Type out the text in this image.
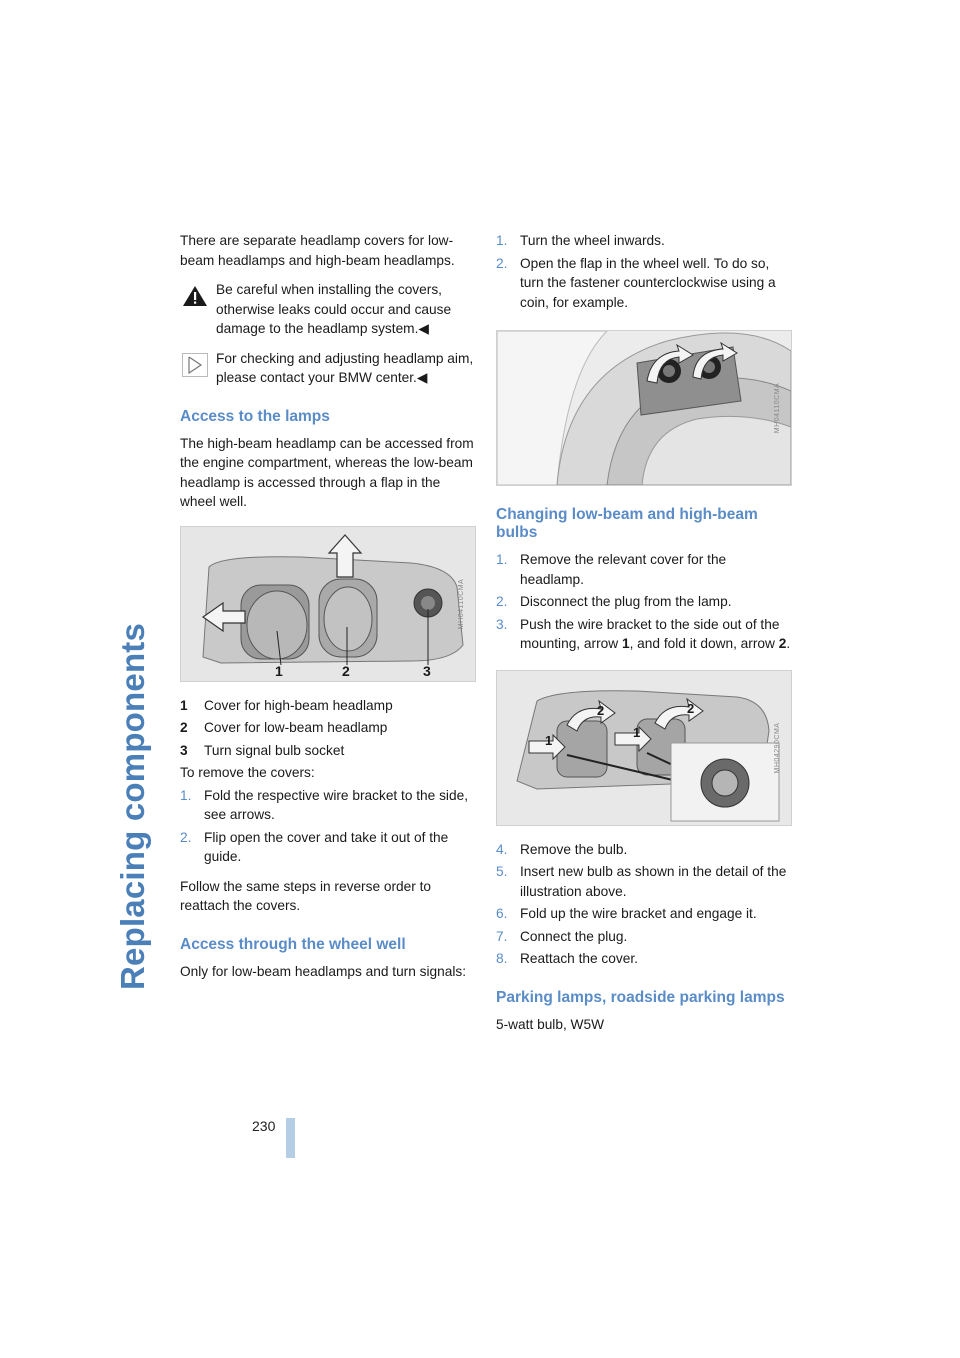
Replacing components
230

There are separate headlamp covers for low-beam headlamps and high-beam headlamps.

Be careful when installing the covers, otherwise leaks could occur and cause damage to the headlamp system.◀
For checking and adjusting headlamp aim, please contact your BMW center.◀
Access to the lamps

The high-beam headlamp can be accessed from the engine compartment, whereas the low-beam headlamp is accessed through a flap in the wheel well.

1	2	3
MH04110CMA
1 Cover for high-beam headlamp
2 Cover for low-beam headlamp
3 Turn signal bulb socket

To remove the covers:

1. Fold the respective wire bracket to the side, see arrows.
2. Flip open the cover and take it out of the guide.

Follow the same steps in reverse order to reattach the covers.

Access through the wheel well

Only for low-beam headlamps and turn signals:

1. Turn the wheel inwards.
2. Open the flap in the wheel well. To do so, turn the fastener counterclockwise using a coin, for example.
MH04110CMA
Changing low-beam and high-beam bulbs
1. Remove the relevant cover for the headlamp.
2. Disconnect the plug from the lamp.
3. Push the wire bracket to the side out of the mounting, arrow 1, and fold it down, arrow 2.
1
2
1
2
MH04290CMA
4. Remove the bulb.
5. Insert new bulb as shown in the detail of the illustration above.
6. Fold up the wire bracket and engage it.
7. Connect the plug.
8. Reattach the cover.
Parking lamps, roadside parking lamps

5-watt bulb, W5W
